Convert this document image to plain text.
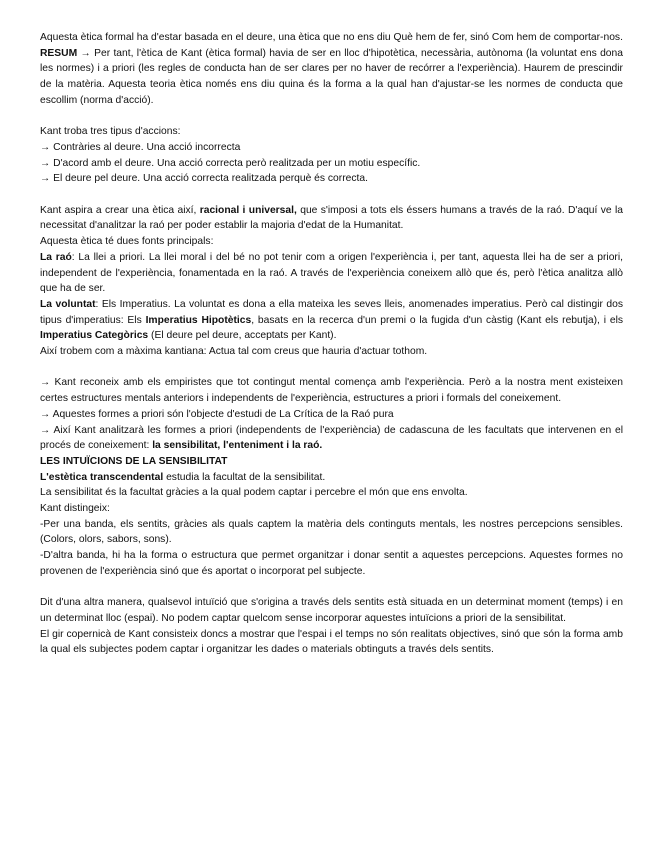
Aquesta ètica formal ha d'estar basada en el deure, una ètica que no ens diu Què hem de fer, sinó Com hem de comportar-nos.

RESUM → Per tant, l'ètica de Kant (ètica formal) havia de ser en lloc d'hipotètica, necessària, autònoma (la voluntat ens dona les normes) i a priori (les regles de conducta han de ser clares per no haver de recórrer a l'experiència). Haurem de prescindir de la matèria. Aquesta teoria ètica només ens diu quina és la forma a la qual han d'ajustar-se les normes de conducta que escollim (norma d'acció).

Kant troba tres tipus d'accions:

→ Contràries al deure. Una acció incorrecta

→ D'acord amb el deure. Una acció correcta però realitzada per un motiu específic.

→ El deure pel deure. Una acció correcta realitzada perquè és correcta.

Kant aspira a crear una ètica així, racional i universal, que s'imposi a tots els éssers humans a través de la raó. D'aquí ve la necessitat d'analitzar la raó per poder establir la majoria d'edat de la Humanitat.

Aquesta ètica té dues fonts principals:

La raó: La llei a priori. La llei moral i del bé no pot tenir com a origen l'experiència i, per tant, aquesta llei ha de ser a priori, independent de l'experiència, fonamentada en la raó. A través de l'experiència coneixem allò que és, però l'ètica analitza allò que ha de ser.

La voluntat: Els Imperatius. La voluntat es dona a ella mateixa les seves lleis, anomenades imperatius. Però cal distingir dos tipus d'imperatius: Els Imperatius Hipotètics, basats en la recerca d'un premi o la fugida d'un càstig (Kant els rebutja), i els Imperatius Categòrics (El deure pel deure, acceptats per Kant).

Així trobem com a màxima kantiana: Actua tal com creus que hauria d'actuar tothom.

→ Kant reconeix amb els empiristes que tot contingut mental comença amb l'experiència. Però a la nostra ment existeixen certes estructures mentals anteriors i independents de l'experiència, estructures a priori i formals del coneixement.

→ Aquestes formes a priori són l'objecte d'estudi de La Crítica de la Raó pura

→ Així Kant analitzarà les formes a priori (independents de l'experiència) de cadascuna de les facultats que intervenen en el procés de coneixement: la sensibilitat, l'enteniment i la raó.

LES INTUÏCIONS DE LA SENSIBILITAT

L'estètica transcendental estudia la facultat de la sensibilitat.

La sensibilitat és la facultat gràcies a la qual podem captar i percebre el món que ens envolta.

Kant distingeix:

-Per una banda, els sentits, gràcies als quals captem la matèria dels continguts mentals, les nostres percepcions sensibles. (Colors, olors, sabors, sons).

-D'altra banda, hi ha la forma o estructura que permet organitzar i donar sentit a aquestes percepcions. Aquestes formes no provenen de l'experiència sinó que és aportat o incorporat pel subjecte.

Dit d'una altra manera, qualsevol intuïció que s'origina a través dels sentits està situada en un determinat moment (temps) i en un determinat lloc (espai). No podem captar quelcom sense incorporar aquestes intuïcions a priori de la sensibilitat.

El gir copernicà de Kant consisteix doncs a mostrar que l'espai i el temps no són realitats objectives, sinó que són la forma amb la qual els subjectes podem captar i organitzar les dades o materials obtinguts a través dels sentits.
